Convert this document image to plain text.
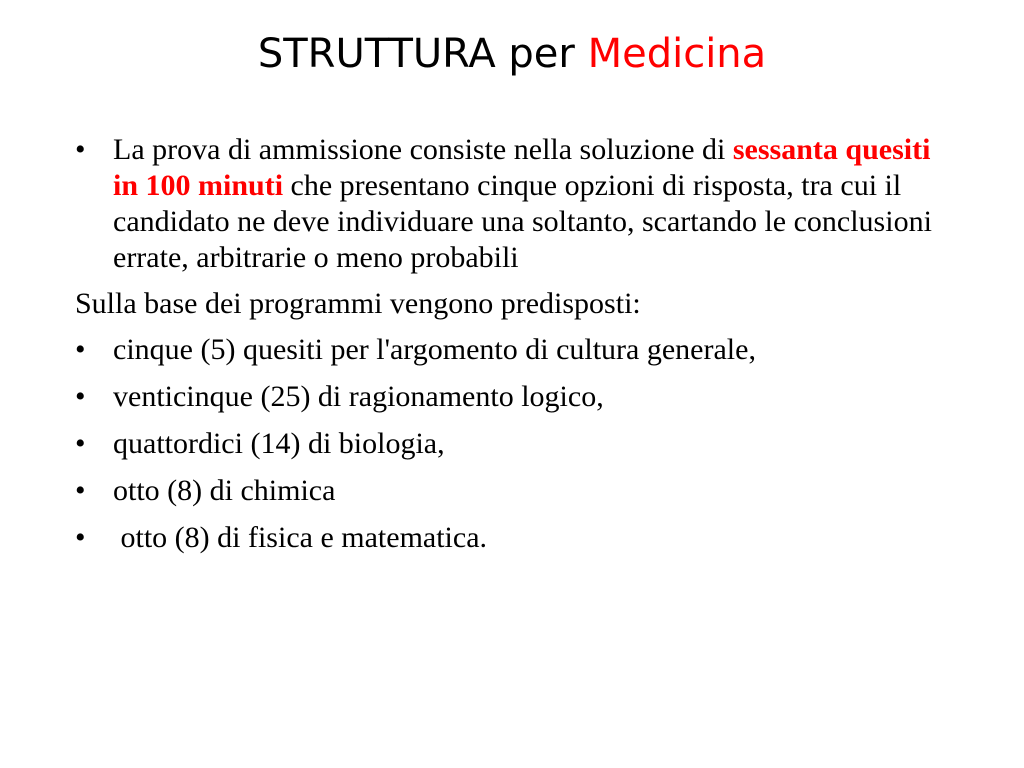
STRUTTURA per Medicina
• La prova di ammissione consiste nella soluzione di sessanta quesiti in 100 minuti che presentano cinque opzioni di risposta, tra cui il candidato ne deve individuare una soltanto, scartando le conclusioni errate, arbitrarie o meno probabili
Sulla base dei programmi vengono predisposti:
• cinque (5) quesiti per l'argomento di cultura generale,
• venticinque (25) di ragionamento logico,
• quattordici (14) di biologia,
• otto (8) di chimica
• otto (8) di fisica e matematica.
